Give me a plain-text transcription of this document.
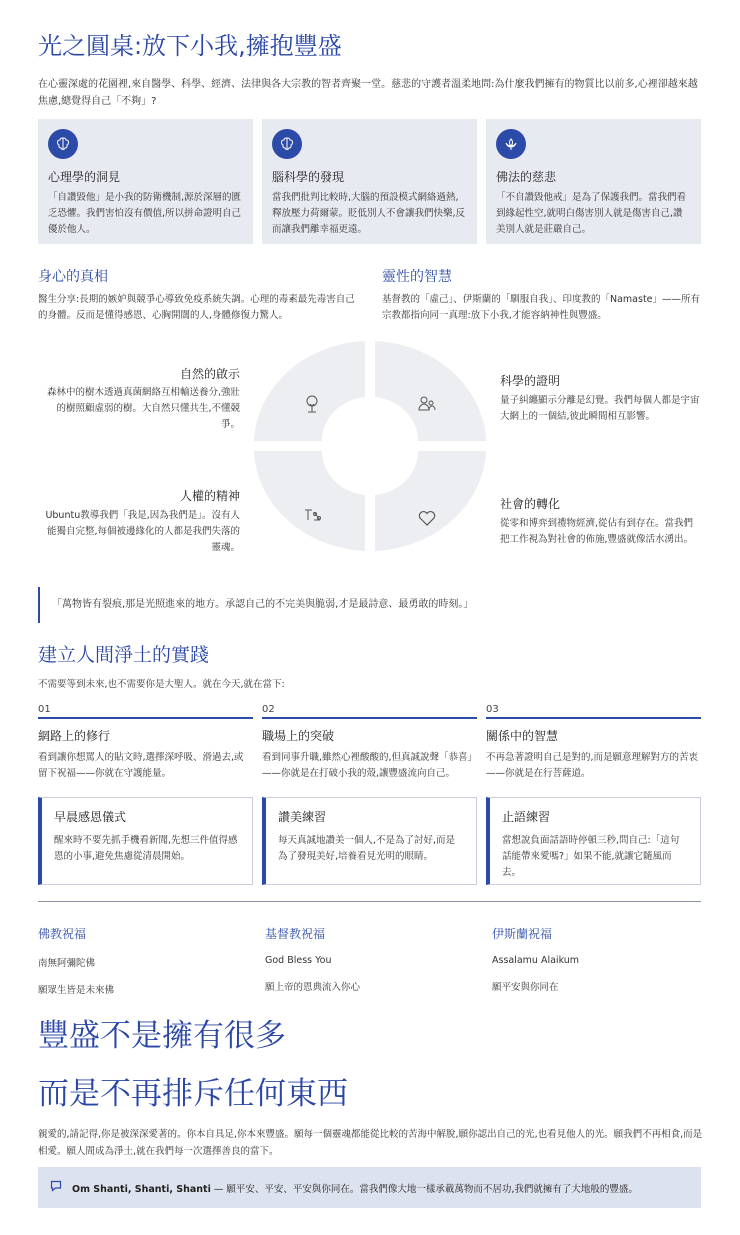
光之圓桌:放下小我,擁抱豐盛
在心靈深處的花園裡,來自醫學、科學、經濟、法律與各大宗教的智者齊聚一堂。慈悲的守護者溫柔地問:為什麼我們擁有的物質比以前多,心裡卻越來越焦慮,總覺得自己「不夠」?
心理學的洞見

「自讚毀他」是小我的防衛機制,源於深層的匱乏恐懼。我們害怕沒有價值,所以拼命證明自己優於他人。

腦科學的發現

當我們批判比較時,大腦的預設模式網絡過熱,釋放壓力荷爾蒙。貶低別人不會讓我們快樂,反而讓我們離幸福更遠。

佛法的慈悲

「不自讚毀他戒」是為了保護我們。當我們看到緣起性空,就明白傷害別人就是傷害自己,讚美別人就是莊嚴自己。

身心的真相
醫生分享:長期的嫉妒與競爭心導致免疫系統失調。心理的毒素最先毒害自己的身體。反而是懂得感恩、心胸開闊的人,身體修復力驚人。
靈性的智慧
基督教的「虛己」、伊斯蘭的「馴服自我」、印度教的「Namaste」——所有宗教都指向同一真理:放下小我,才能容納神性與豐盛。
自然的啟示
森林中的樹木透過真菌網絡互相輸送養分,強壯的樹照顧虛弱的樹。大自然只懂共生,不懂競爭。
科學的證明
量子糾纏顯示分離是幻覺。我們每個人都是宇宙大網上的一個結,彼此瞬間相互影響。
人權的精神
Ubuntu教導我們「我是,因為我們是」。沒有人能獨自完整,每個被邊緣化的人都是我們失落的靈魂。
社會的轉化
從零和博弈到禮物經濟,從佔有到存在。當我們把工作視為對社會的佈施,豐盛就像活水湧出。
「萬物皆有裂痕,那是光照進來的地方。承認自己的不完美與脆弱,才是最詩意、最勇敢的時刻。」
建立人間淨土的實踐
不需要等到未來,也不需要你是大聖人。就在今天,就在當下:
01
網路上的修行

看到讓你想罵人的貼文時,選擇深呼吸、滑過去,或留下祝福——你就在守護能量。

02
職場上的突破

看到同事升職,雖然心裡酸酸的,但真誠說聲「恭喜」——你就是在打破小我的殼,讓豐盛流向自己。

03
關係中的智慧

不再急著證明自己是對的,而是願意理解對方的苦衷——你就是在行菩薩道。

早晨感恩儀式

醒來時不要先抓手機看新聞,先想三件值得感恩的小事,避免焦慮從清晨開始。

讚美練習

每天真誠地讚美一個人,不是為了討好,而是為了發現美好,培養看見光明的眼睛。

止語練習

當想說負面話語時停頓三秒,問自己:「這句話能帶來愛嗎?」如果不能,就讓它隨風而去。

佛教祝福
南無阿彌陀佛
願眾生皆是未來佛
基督教祝福
God Bless You
願上帝的恩典流入你心
伊斯蘭祝福
Assalamu Alaikum
願平安與你同在
豐盛不是擁有很多
而是不再排斥任何東西
親愛的,請記得,你是被深深愛著的。你本自具足,你本來豐盛。願每一個靈魂都能從比較的苦海中解脫,願你認出自己的光,也看見他人的光。願我們不再相食,而是相愛。願人間成為淨土,就在我們每一次選擇善良的當下。
Om Shanti, Shanti, Shanti — 願平安、平安、平安與你同在。當我們像大地一樣承載萬物而不居功,我們就擁有了大地般的豐盛。
